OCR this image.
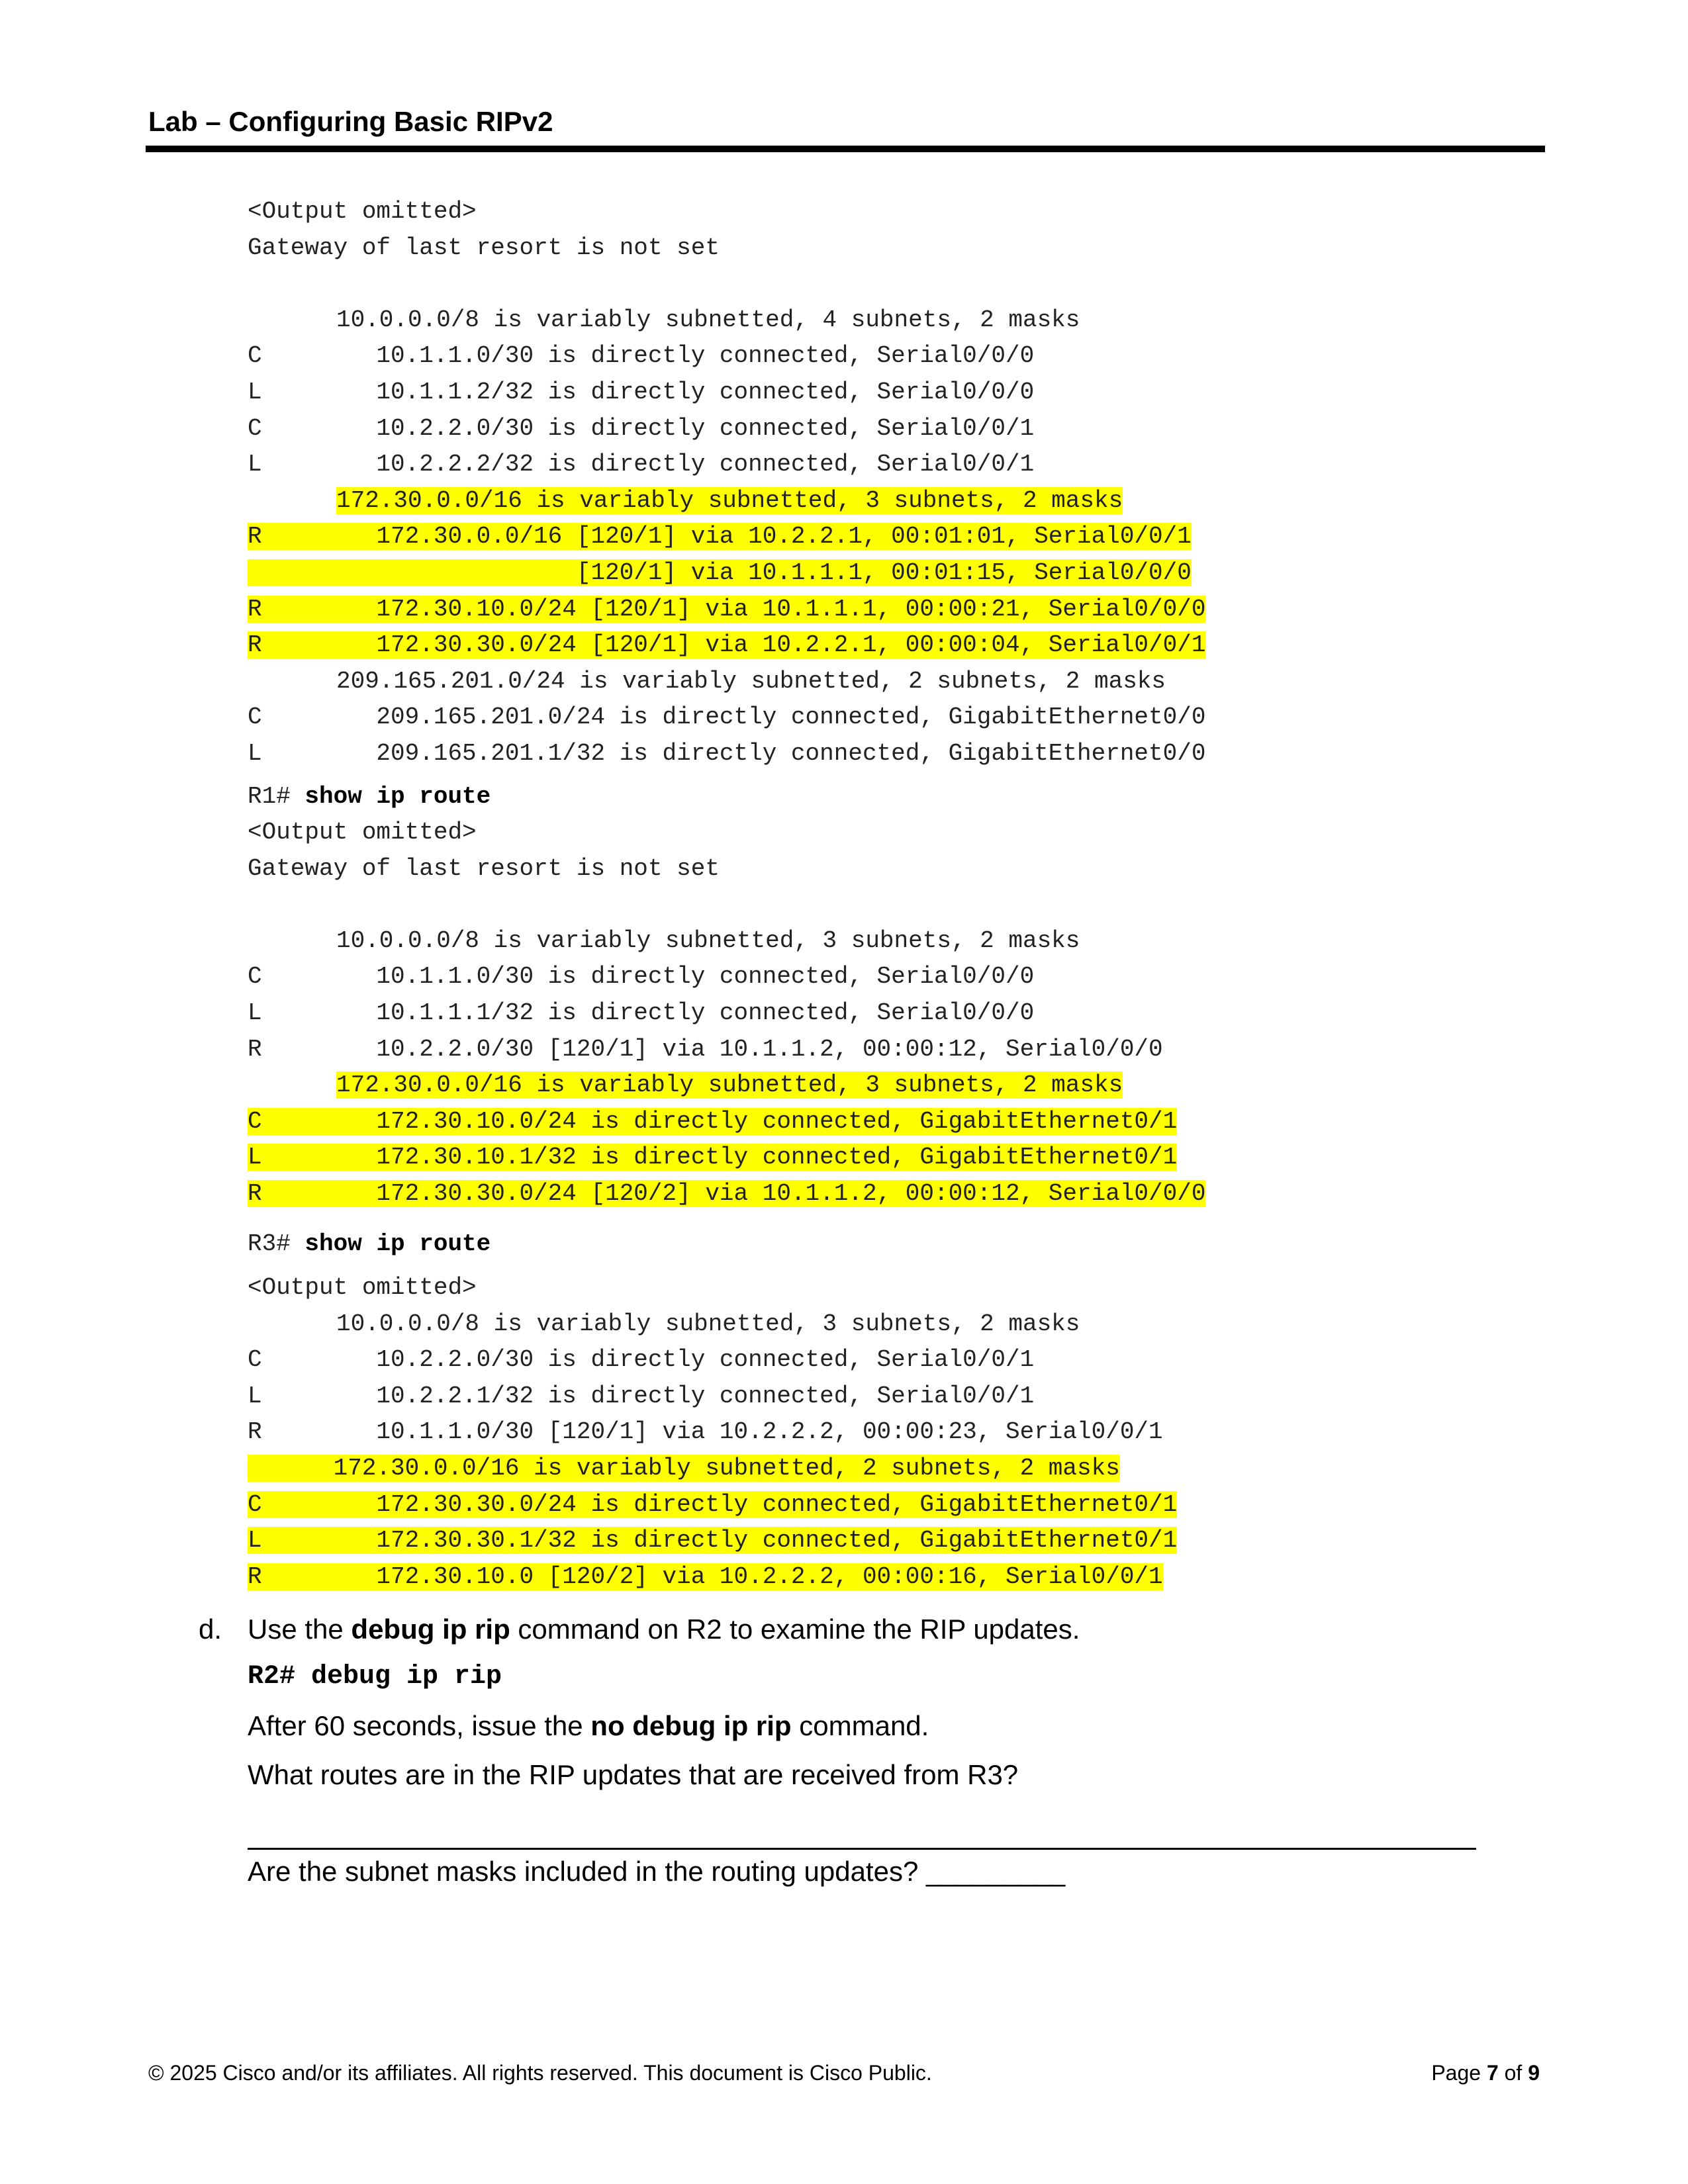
Lab – Configuring Basic RIPv2
<Output omitted>
Gateway of last resort is not set
10.0.0.0/8 is variably subnetted, 4 subnets, 2 masks
C        10.1.1.0/30 is directly connected, Serial0/0/0
L        10.1.1.2/32 is directly connected, Serial0/0/0
C        10.2.2.0/30 is directly connected, Serial0/0/1
L        10.2.2.2/32 is directly connected, Serial0/0/1
172.30.0.0/16 is variably subnetted, 3 subnets, 2 masks
R        172.30.0.0/16 [120/1] via 10.2.2.1, 00:01:01, Serial0/0/1
[120/1] via 10.1.1.1, 00:01:15, Serial0/0/0
R        172.30.10.0/24 [120/1] via 10.1.1.1, 00:00:21, Serial0/0/0
R        172.30.30.0/24 [120/1] via 10.2.2.1, 00:00:04, Serial0/0/1
209.165.201.0/24 is variably subnetted, 2 subnets, 2 masks
C        209.165.201.0/24 is directly connected, GigabitEthernet0/0
L        209.165.201.1/32 is directly connected, GigabitEthernet0/0
R1# show ip route
<Output omitted>
Gateway of last resort is not set
10.0.0.0/8 is variably subnetted, 3 subnets, 2 masks
C        10.1.1.0/30 is directly connected, Serial0/0/0
L        10.1.1.1/32 is directly connected, Serial0/0/0
R        10.2.2.0/30 [120/1] via 10.1.1.2, 00:00:12, Serial0/0/0
172.30.0.0/16 is variably subnetted, 3 subnets, 2 masks
C        172.30.10.0/24 is directly connected, GigabitEthernet0/1
L        172.30.10.1/32 is directly connected, GigabitEthernet0/1
R        172.30.30.0/24 [120/2] via 10.1.1.2, 00:00:12, Serial0/0/0
R3# show ip route
<Output omitted>
10.0.0.0/8 is variably subnetted, 3 subnets, 2 masks
C        10.2.2.0/30 is directly connected, Serial0/0/1
L        10.2.2.1/32 is directly connected, Serial0/0/1
R        10.1.1.0/30 [120/1] via 10.2.2.2, 00:00:23, Serial0/0/1
172.30.0.0/16 is variably subnetted, 2 subnets, 2 masks
C        172.30.30.0/24 is directly connected, GigabitEthernet0/1
L        172.30.30.1/32 is directly connected, GigabitEthernet0/1
R        172.30.10.0 [120/2] via 10.2.2.2, 00:00:16, Serial0/0/1
d. Use the debug ip rip command on R2 to examine the RIP updates.
R2# debug ip rip
After 60 seconds, issue the no debug ip rip command.
What routes are in the RIP updates that are received from R3?
Are the subnet masks included in the routing updates? _________
© 2025 Cisco and/or its affiliates. All rights reserved. This document is Cisco Public.	Page 7 of 9
